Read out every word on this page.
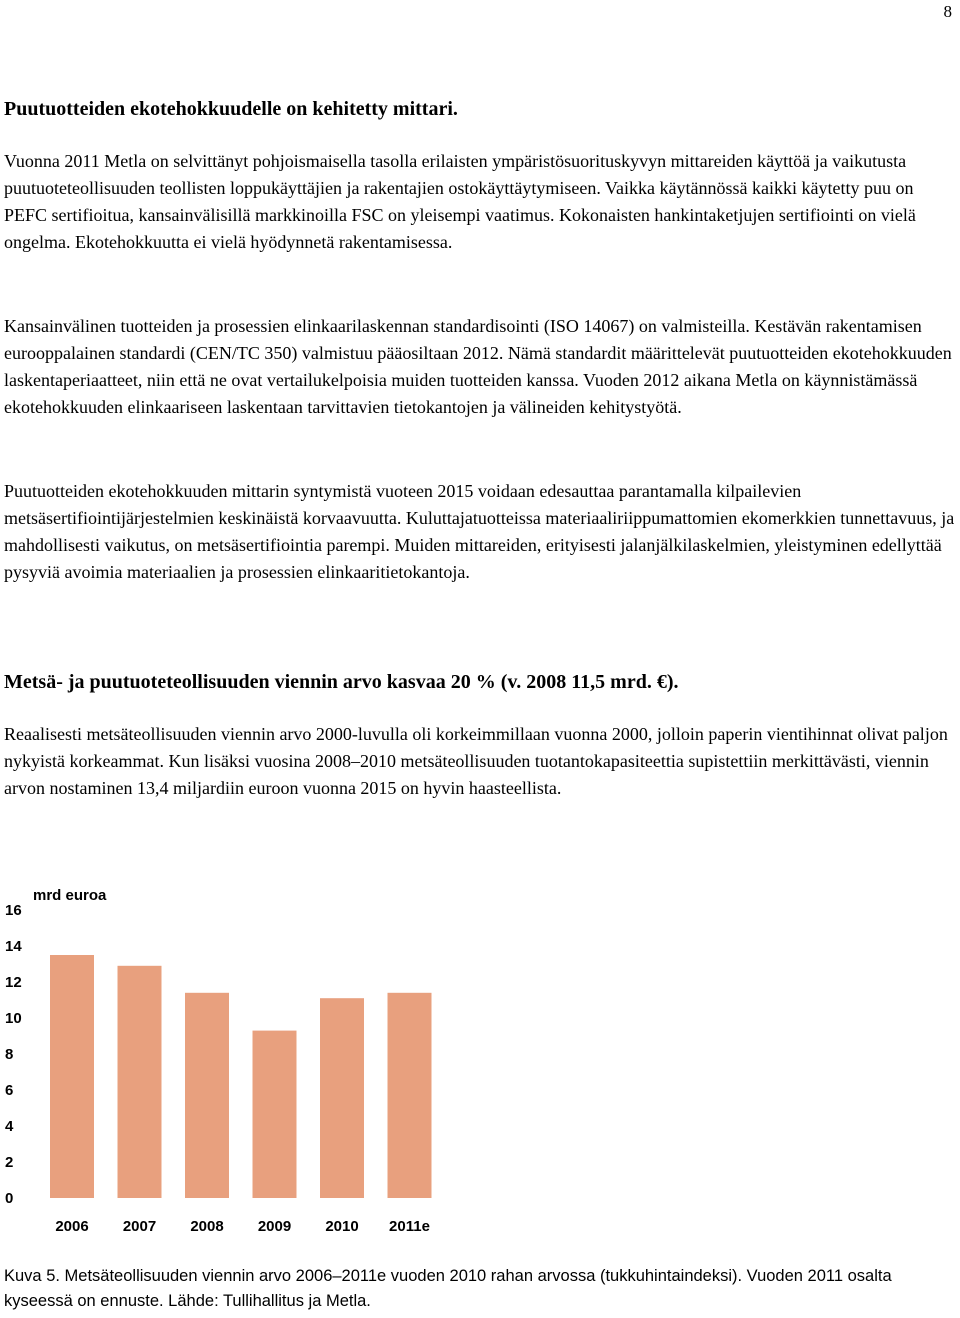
8
Puutuotteiden ekotehokkuudelle on kehitetty mittari.

Vuonna 2011 Metla on selvittänyt pohjoismaisella tasolla erilaisten ympäristösuorituskyvyn mittareiden käyttöä ja vaikutusta puutuoteteollisuuden teollisten loppukäyttäjien ja rakentajien ostokäyttäytymiseen. Vaikka käytännössä kaikki käytetty puu on PEFC sertifioitua, kansainvälisillä markkinoilla FSC on yleisempi vaatimus. Kokonaisten hankintaketjujen sertifiointi on vielä ongelma. Ekotehokkuutta ei vielä hyödynnetä rakentamisessa.

Kansainvälinen tuotteiden ja prosessien elinkaarilaskennan standardisointi (ISO 14067) on valmisteilla. Kestävän rakentamisen eurooppalainen standardi (CEN/TC 350) valmistuu pääosiltaan 2012. Nämä standardit määrittelevät puutuotteiden ekotehokkuuden laskentaperiaatteet, niin että ne ovat vertailukelpoisia muiden tuotteiden kanssa. Vuoden 2012 aikana Metla on käynnistämässä ekotehokkuuden elinkaariseen laskentaan tarvittavien tietokantojen ja välineiden kehitystyötä.

Puutuotteiden ekotehokkuuden mittarin syntymistä vuoteen 2015 voidaan edesauttaa parantamalla kilpailevien metsäsertifiointijärjestelmien keskinäistä korvaavuutta. Kuluttajatuotteissa materiaaliriippumattomien ekomerkkien tunnettavuus, ja mahdollisesti vaikutus, on metsäsertifiointia parempi. Muiden mittareiden, erityisesti jalanjälkilaskelmien, yleistyminen edellyttää pysyviä avoimia materiaalien ja prosessien elinkaaritietokantoja.

Metsä- ja puutuoteteollisuuden viennin arvo kasvaa 20 % (v. 2008 11,5 mrd. €).

Reaalisesti metsäteollisuuden viennin arvo 2000-luvulla oli korkeimmillaan vuonna 2000, jolloin paperin vientihinnat olivat paljon nykyistä korkeammat. Kun lisäksi vuosina 2008–2010 metsäteollisuuden tuotantokapasiteettia supistettiin merkittävästi, viennin arvon nostaminen 13,4 miljardiin euroon vuonna 2015 on hyvin haasteellista.

mrd euroa
0
2
4
6
8
10
12
14
16
2006 2007 2008 2009 2010 2011e

Kuva 5. Metsäteollisuuden viennin arvo 2006–2011e vuoden 2010 rahan arvossa (tukkuhintaindeksi). Vuoden 2011 osalta kyseessä on ennuste. Lähde: Tullihallitus ja Metla.
